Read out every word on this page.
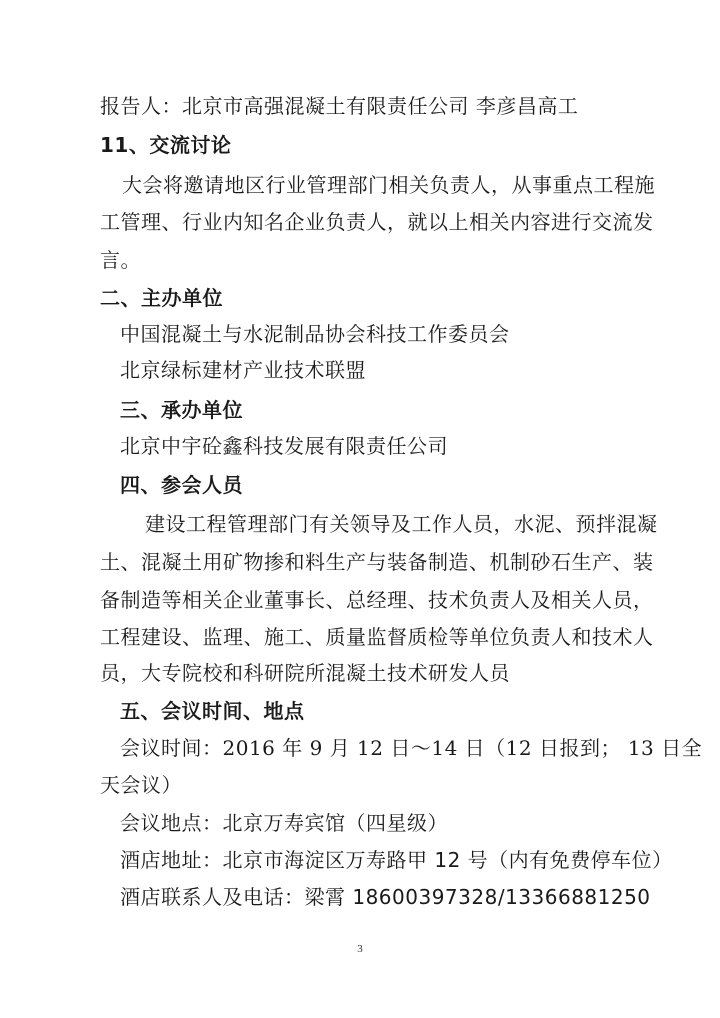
报告人：北京市高强混凝土有限责任公司 李彦昌高工
11、交流讨论
大会将邀请地区行业管理部门相关负责人，从事重点工程施
工管理、行业内知名企业负责人，就以上相关内容进行交流发
言。
二、主办单位
中国混凝土与水泥制品协会科技工作委员会
北京绿标建材产业技术联盟
三、承办单位
北京中宇砼鑫科技发展有限责任公司
四、参会人员
建设工程管理部门有关领导及工作人员，水泥、预拌混凝
土、混凝土用矿物掺和料生产与装备制造、机制砂石生产、装
备制造等相关企业董事长、总经理、技术负责人及相关人员，
工程建设、监理、施工、质量监督质检等单位负责人和技术人
员，大专院校和科研院所混凝土技术研发人员
五、会议时间、地点
会议时间：2016 年 9 月 12 日～14 日（12 日报到； 13 日全
天会议）
会议地点：北京万寿宾馆（四星级）
酒店地址：北京市海淀区万寿路甲 12 号（内有免费停车位）
酒店联系人及电话：梁霄 18600397328/13366881250
3
